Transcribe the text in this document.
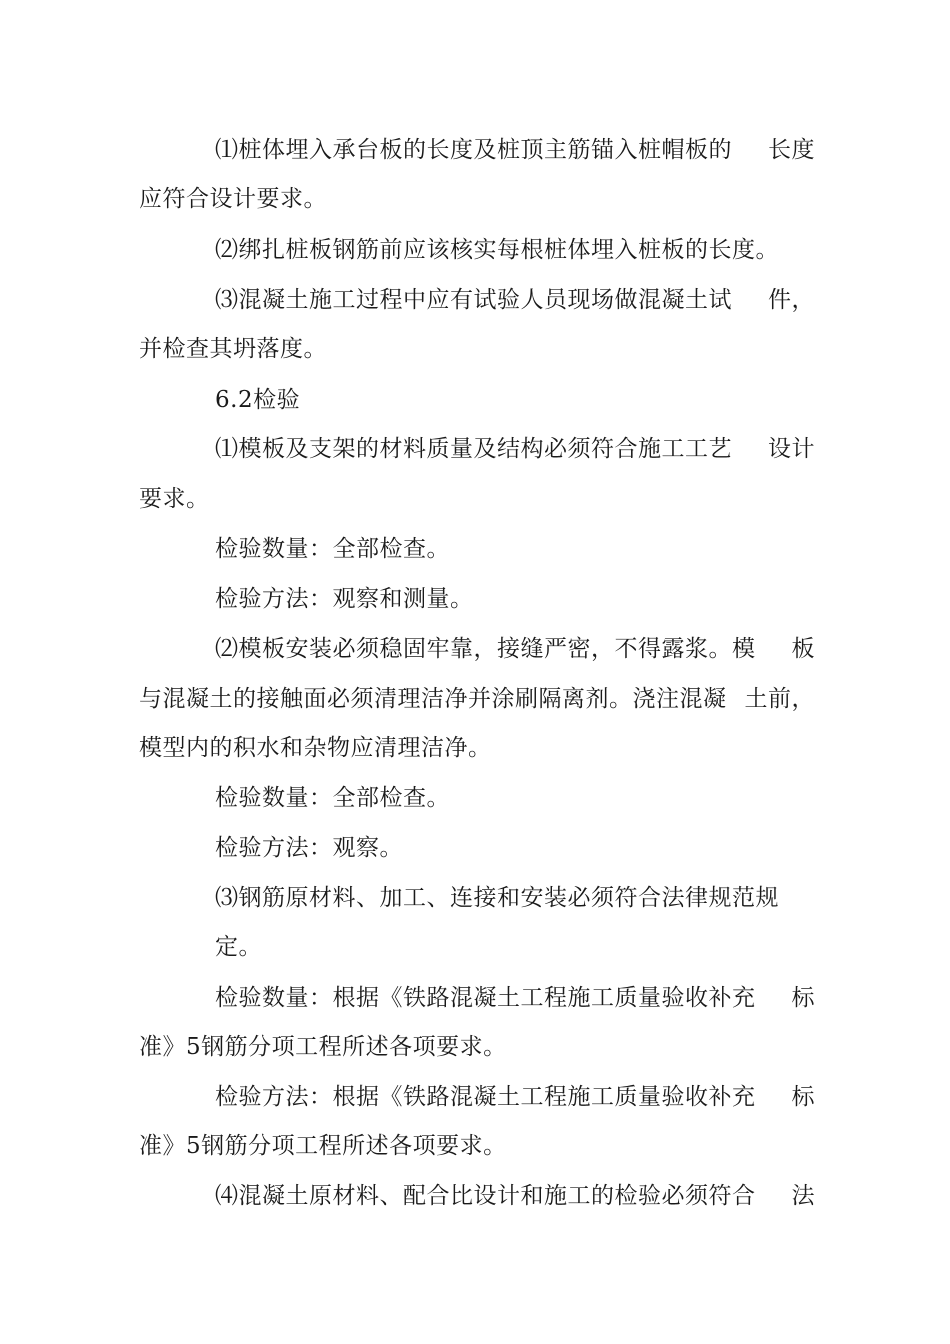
⑴桩体埋入承台板的长度及桩顶主筋锚入桩帽板的 长度
应符合设计要求。
⑵绑扎桩板钢筋前应该核实每根桩体埋入桩板的长 度。
⑶混凝土施工过程中应有试验人员现场做混凝土试 件，
并检查其坍落度。
6.2检验
⑴模板及支架的材料质量及结构必须符合施工工艺 设计
要求。
检验数量：全部检查。
检验方法：观察和测量。
⑵模板安装必须稳固牢靠，接缝严密，不得露浆。模 板
与混凝土的接触面必须清理洁净并涂刷隔离剂。浇注混凝 土前，
模型内的积水和杂物应清理洁净。
检验数量：全部检查。
检验方法：观察。
⑶钢筋原材料、加工、连接和安装必须符合法律规范规
定。
检验数量：根据《铁路混凝土工程施工质量验收补充 标
准》5钢筋分项工程所述各项要求。
检验方法：根据《铁路混凝土工程施工质量验收补充 标
准》5钢筋分项工程所述各项要求。
⑷混凝土原材料、配合比设计和施工的检验必须符合 法
